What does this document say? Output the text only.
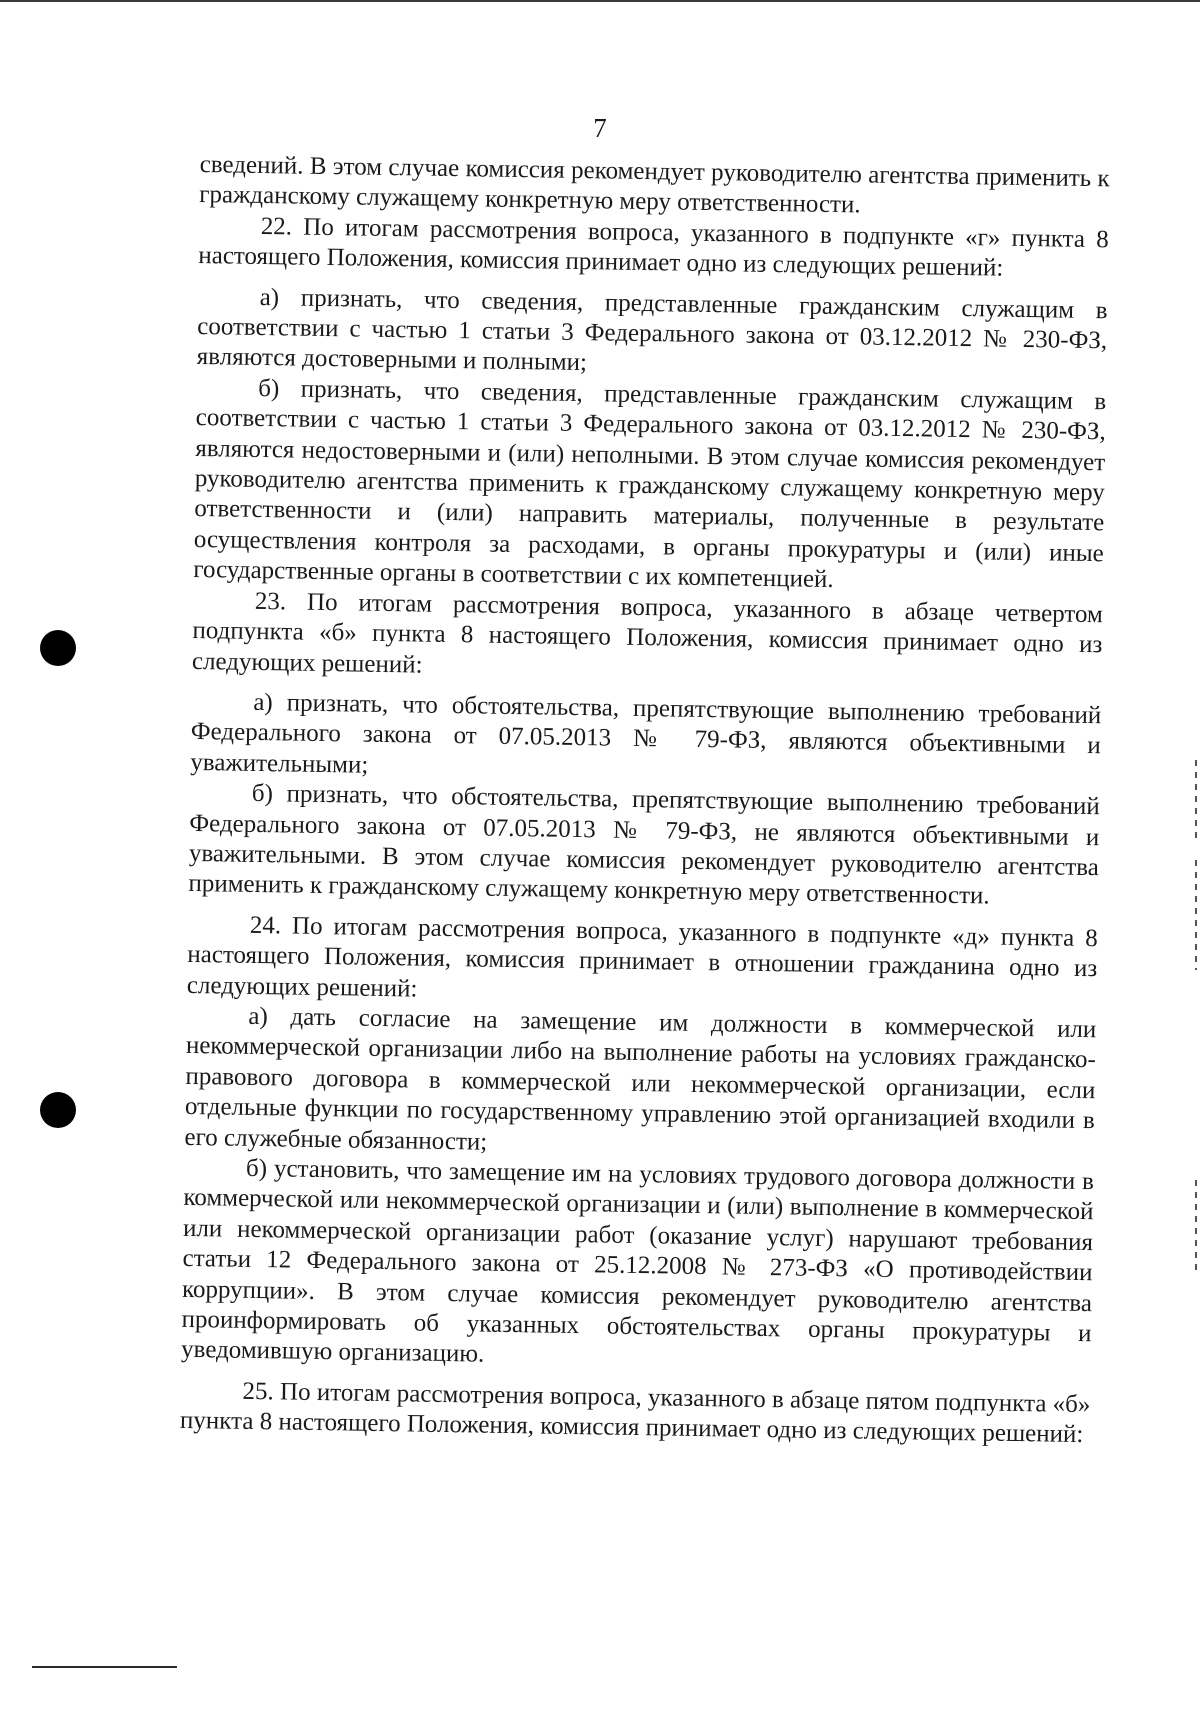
7

сведений. В этом случае комиссия рекомендует руководителю агентства применить к гражданскому служащему конкретную меру ответственности.

22. По итогам рассмотрения вопроса, указанного в подпункте «г» пункта 8 настоящего Положения, комиссия принимает одно из следующих решений:

а) признать, что сведения, представленные гражданским служащим в соответствии с частью 1 статьи 3 Федерального закона от 03.12.2012 № 230-ФЗ, являются достоверными и полными;

б) признать, что сведения, представленные гражданским служащим в соответствии с частью 1 статьи 3 Федерального закона от 03.12.2012 № 230-ФЗ, являются недостоверными и (или) неполными. В этом случае комиссия рекомендует руководителю агентства применить к гражданскому служащему конкретную меру ответственности и (или) направить материалы, полученные в результате осуществления контроля за расходами, в органы прокуратуры и (или) иные государственные органы в соответствии с их компетенцией.

23. По итогам рассмотрения вопроса, указанного в абзаце четвертом подпункта «б» пункта 8 настоящего Положения, комиссия принимает одно из следующих решений:

а) признать, что обстоятельства, препятствующие выполнению требований Федерального закона от 07.05.2013 № 79-ФЗ, являются объективными и уважительными;

б) признать, что обстоятельства, препятствующие выполнению требований Федерального закона от 07.05.2013 № 79-ФЗ, не являются объективными и уважительными. В этом случае комиссия рекомендует руководителю агентства применить к гражданскому служащему конкретную меру ответственности.

24. По итогам рассмотрения вопроса, указанного в подпункте «д» пункта 8 настоящего Положения, комиссия принимает в отношении гражданина одно из следующих решений:

а) дать согласие на замещение им должности в коммерческой или некоммерческой организации либо на выполнение работы на условиях гражданско-правового договора в коммерческой или некоммерческой организации, если отдельные функции по государственному управлению этой организацией входили в его служебные обязанности;

б) установить, что замещение им на условиях трудового договора должности в коммерческой или некоммерческой организации и (или) выполнение в коммерческой или некоммерческой организации работ (оказание услуг) нарушают требования статьи 12 Федерального закона от 25.12.2008 № 273-ФЗ «О противодействии коррупции». В этом случае комиссия рекомендует руководителю агентства проинформировать об указанных обстоятельствах органы прокуратуры и уведомившую организацию.

25. По итогам рассмотрения вопроса, указанного в абзаце пятом подпункта «б» пункта 8 настоящего Положения, комиссия принимает одно из следующих решений:
